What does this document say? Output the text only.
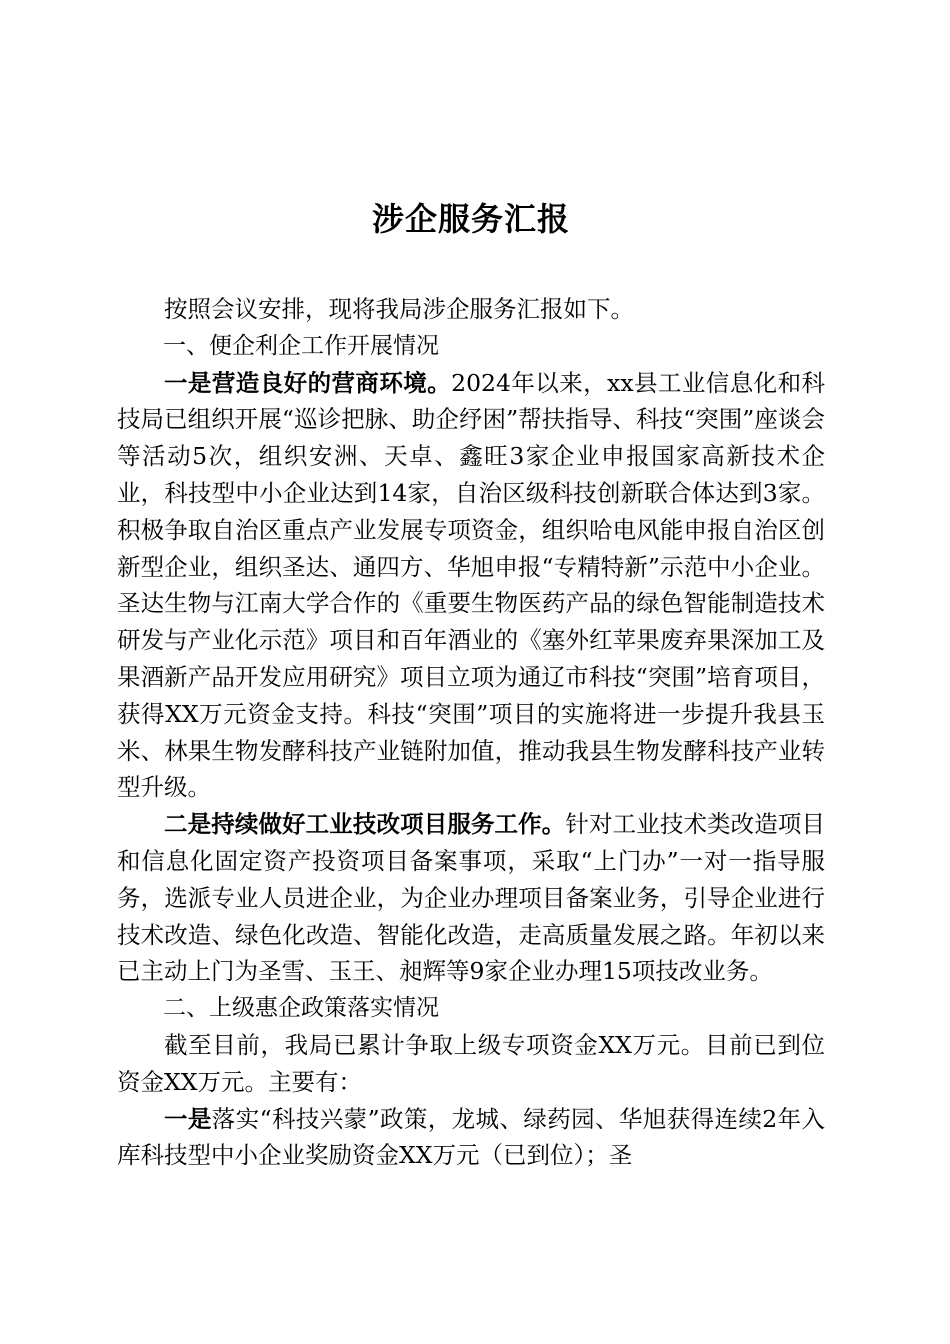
涉企服务汇报

按照会议安排，现将我局涉企服务汇报如下。

一、便企利企工作开展情况

一是营造良好的营商环境。2024年以来，xx县工业信息化和科技局已组织开展“巡诊把脉、助企纾困”帮扶指导、科技“突围”座谈会等活动5次，组织安洲、天卓、鑫旺3家企业申报国家高新技术企业，科技型中小企业达到14家，自治区级科技创新联合体达到3家。积极争取自治区重点产业发展专项资金，组织哈电风能申报自治区创新型企业，组织圣达、通四方、华旭申报“专精特新”示范中小企业。圣达生物与江南大学合作的《重要生物医药产品的绿色智能制造技术研发与产业化示范》项目和百年酒业的《塞外红苹果废弃果深加工及果酒新产品开发应用研究》项目立项为通辽市科技“突围”培育项目，获得XX万元资金支持。科技“突围”项目的实施将进一步提升我县玉米、林果生物发酵科技产业链附加值，推动我县生物发酵科技产业转型升级。

二是持续做好工业技改项目服务工作。针对工业技术类改造项目和信息化固定资产投资项目备案事项，采取“上门办”一对一指导服务，选派专业人员进企业，为企业办理项目备案业务，引导企业进行技术改造、绿色化改造、智能化改造，走高质量发展之路。年初以来已主动上门为圣雪、玉王、昶辉等9家企业办理15项技改业务。

二、上级惠企政策落实情况

截至目前，我局已累计争取上级专项资金XX万元。目前已到位资金XX万元。主要有：

一是落实“科技兴蒙”政策，龙城、绿药园、华旭获得连续2年入库科技型中小企业奖励资金XX万元（已到位）；圣
